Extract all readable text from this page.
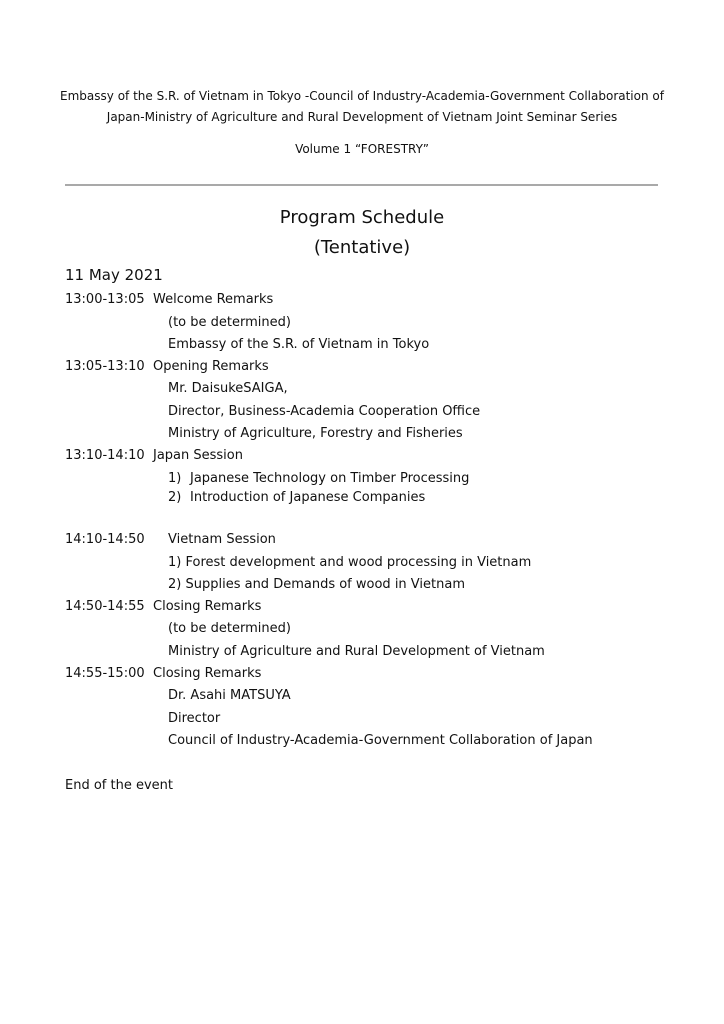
Embassy of the S.R. of Vietnam in Tokyo -Council of Industry-Academia-Government Collaboration of
Japan-Ministry of Agriculture and Rural Development of Vietnam Joint Seminar Series
Volume 1 “FORESTRY”
Program Schedule
(Tentative)
11 May 2021
13:00-13:05 Welcome Remarks
(to be determined)
Embassy of the S.R. of Vietnam in Tokyo
13:05-13:10 Opening Remarks
Mr. DaisukeSAIGA,
Director, Business-Academia Cooperation Office
Ministry of Agriculture, Forestry and Fisheries
13:10-14:10 Japan Session
1) Japanese Technology on Timber Processing
2) Introduction of Japanese Companies
14:10-14:50 Vietnam Session
1) Forest development and wood processing in Vietnam
2) Supplies and Demands of wood in Vietnam
14:50-14:55 Closing Remarks
(to be determined)
Ministry of Agriculture and Rural Development of Vietnam
14:55-15:00 Closing Remarks
Dr. Asahi MATSUYA
Director
Council of Industry-Academia-Government Collaboration of Japan
End of the event
